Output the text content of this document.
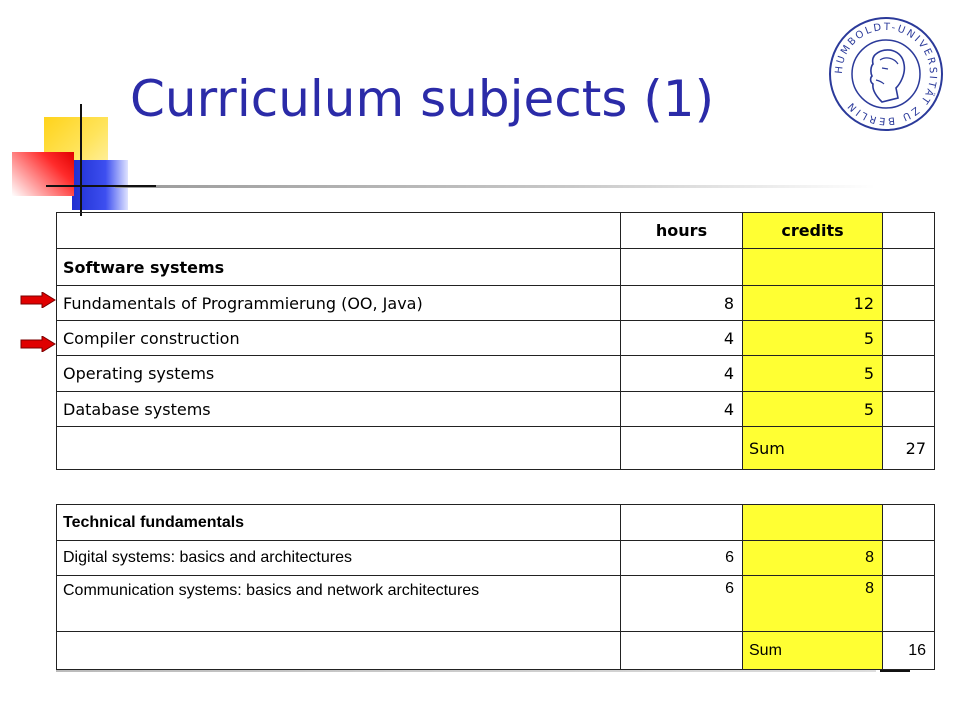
Curriculum subjects (1)
HUMBOLDT-UNIVERSITÄT ZU BERLIN
	hours	credits	
Software systems			
Fundamentals of Programmierung (OO, Java)	8	12	
Compiler construction	4	5	
Operating systems	4	5	
Database systems	4	5	
		Sum	27
Technical fundamentals			
Digital systems: basics and architectures	6	8	
Communication systems: basics and network architectures	6	8	
		Sum	16
